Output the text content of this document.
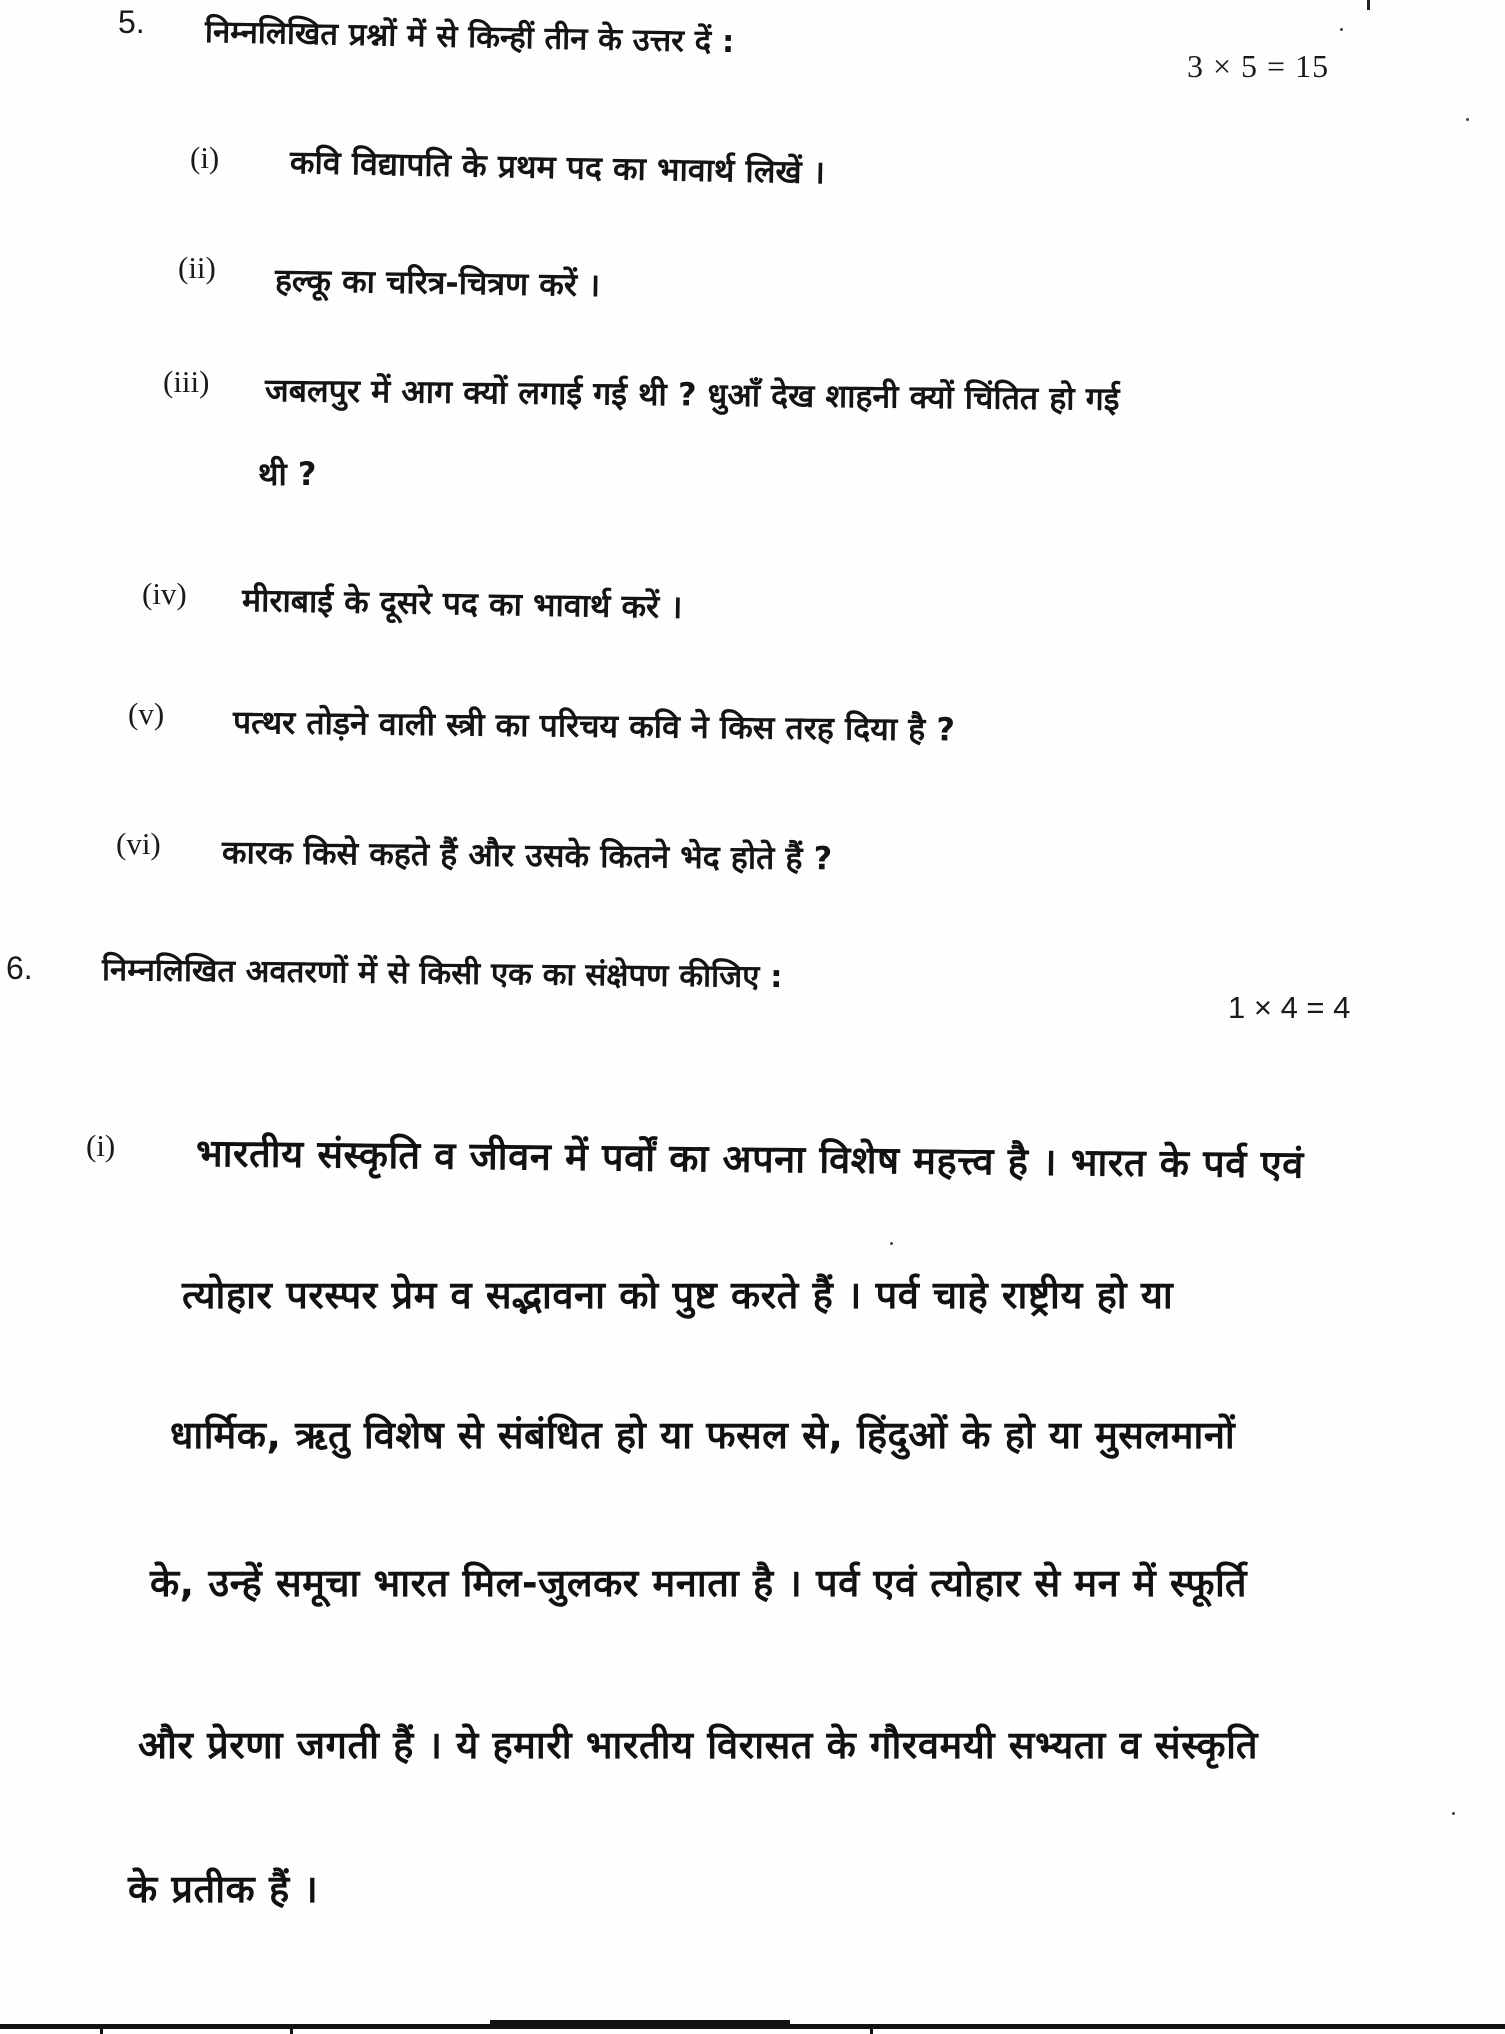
5. निम्नलिखित प्रश्नों में से किन्हीं तीन के उत्तर दें :
3 × 5 = 15
(i) कवि विद्यापति के प्रथम पद का भावार्थ लिखें ।
(ii) हल्कू का चरित्र-चित्रण करें ।
(iii) जबलपुर में आग क्यों लगाई गई थी ? धुआँ देख शाहनी क्यों चिंतित हो गई
थी ?
(iv) मीराबाई के दूसरे पद का भावार्थ करें ।
(v) पत्थर तोड़ने वाली स्त्री का परिचय कवि ने किस तरह दिया है ?
(vi) कारक किसे कहते हैं और उसके कितने भेद होते हैं ?
6. निम्नलिखित अवतरणों में से किसी एक का संक्षेपण कीजिए :
1 × 4 = 4
(i) भारतीय संस्कृति व जीवन में पर्वों का अपना विशेष महत्त्व है । भारत के पर्व एवं
त्योहार परस्पर प्रेम व सद्भावना को पुष्ट करते हैं । पर्व चाहे राष्ट्रीय हो या
धार्मिक, ऋतु विशेष से संबंधित हो या फसल से, हिंदुओं के हो या मुसलमानों
के, उन्हें समूचा भारत मिल-जुलकर मनाता है । पर्व एवं त्योहार से मन में स्फूर्ति
और प्रेरणा जगती हैं । ये हमारी भारतीय विरासत के गौरवमयी सभ्यता व संस्कृति
के प्रतीक हैं ।
